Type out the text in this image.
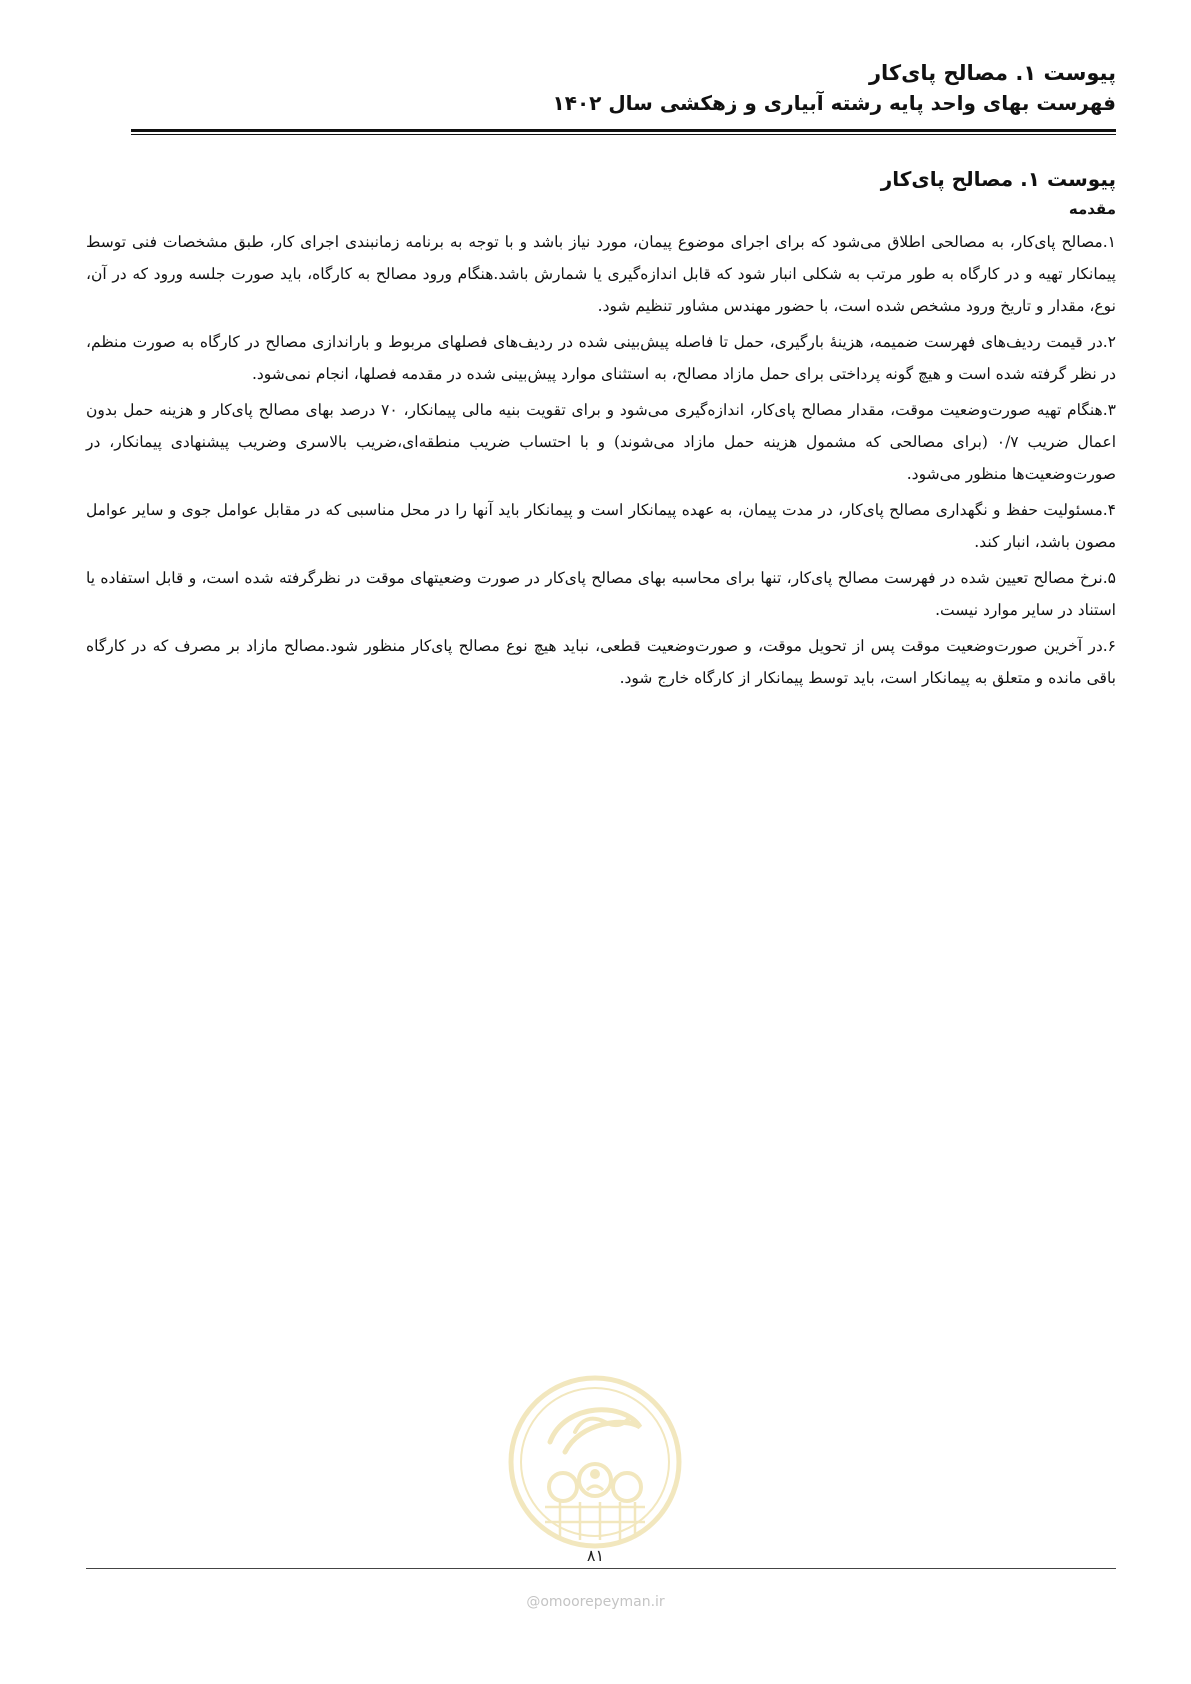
پیوست ۱. مصالح پای‌کار
فهرست بهای واحد پایه رشته آبیاری و زهکشی سال ۱۴۰۲
پیوست ۱. مصالح پای‌کار
مقدمه

۱.مصالح پای‌کار، به مصالحی اطلاق می‌شود که برای اجرای موضوع پیمان، مورد نیاز باشد و با توجه به برنامه زمانبندی اجرای کار، طبق مشخصات فنی توسط پیمانکار تهیه و در کارگاه به طور مرتب به شکلی انبار شود که قابل اندازه‌گیری یا شمارش باشد.هنگام ورود مصالح به کارگاه، باید صورت جلسه ورود که در آن، نوع، مقدار و تاریخ ورود مشخص شده است، با حضور مهندس مشاور تنظیم شود.

۲.در قیمت ردیف‌های فهرست ضمیمه، هزینهٔ بارگیری، حمل تا فاصله پیش‌بینی شده در ردیف‌های فصلهای مربوط و باراندازی مصالح در کارگاه به صورت منظم، در نظر گرفته شده است و هیچ گونه پرداختی برای حمل مازاد مصالح، به استثنای موارد پیش‌بینی شده در مقدمه فصلها، انجام نمی‌شود.

۳.هنگام تهیه صورت‌وضعیت موقت، مقدار مصالح پای‌کار، اندازه‌گیری می‌شود و برای تقویت بنیه مالی پیمانکار، ۷۰ درصد بهای مصالح پای‌کار و هزینه حمل بدون اعمال ضریب ۰/۷ (برای مصالحی که مشمول هزینه حمل مازاد می‌شوند) و با احتساب ضریب منطقه‌ای،ضریب بالاسری وضریب پیشنهادی پیمانکار، در صورت‌وضعیت‌ها منظور می‌شود.

۴.مسئولیت حفظ و نگهداری مصالح پای‌کار، در مدت پیمان، به عهده پیمانکار است و پیمانکار باید آنها را در محل مناسبی که در مقابل عوامل جوی و سایر عوامل مصون باشد، انبار کند.

۵.نرخ مصالح تعیین شده در فهرست مصالح پای‌کار، تنها برای محاسبه بهای مصالح پای‌کار در صورت وضعیتهای موقت در نظرگرفته شده است، و قابل استفاده یا استناد در سایر موارد نیست.

۶.در آخرین صورت‌وضعیت موقت پس از تحویل موقت، و صورت‌وضعیت قطعی، نباید هیچ نوع مصالح پای‌کار منظور شود.مصالح مازاد بر مصرف که در کارگاه باقی مانده و متعلق به پیمانکار است، باید توسط پیمانکار از کارگاه خارج شود.

۸۱
@omoorepeyman.ir
